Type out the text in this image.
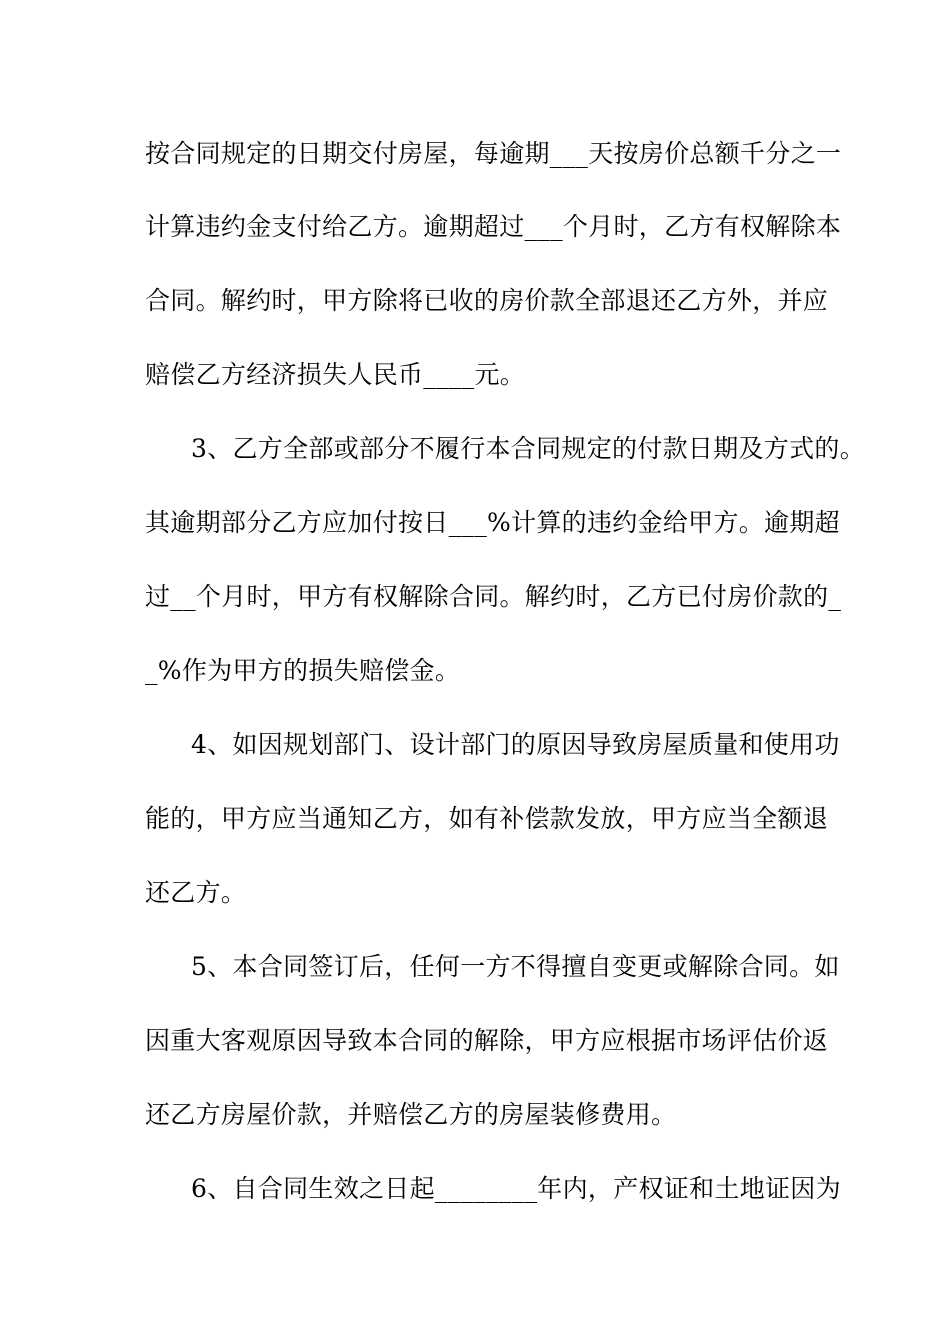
按合同规定的日期交付房屋，每逾期___天按房价总额千分之一
计算违约金支付给乙方。逾期超过___个月时，乙方有权解除本
合同。解约时，甲方除将已收的房价款全部退还乙方外，并应
赔偿乙方经济损失人民币____元。
3、乙方全部或部分不履行本合同规定的付款日期及方式的。
其逾期部分乙方应加付按日___%计算的违约金给甲方。逾期超
过__个月时，甲方有权解除合同。解约时，乙方已付房价款的_
_%作为甲方的损失赔偿金。
4、如因规划部门、设计部门的原因导致房屋质量和使用功
能的，甲方应当通知乙方，如有补偿款发放，甲方应当全额退
还乙方。
5、本合同签订后，任何一方不得擅自变更或解除合同。如
因重大客观原因导致本合同的解除，甲方应根据市场评估价返
还乙方房屋价款，并赔偿乙方的房屋装修费用。
6、自合同生效之日起________年内，产权证和土地证因为
